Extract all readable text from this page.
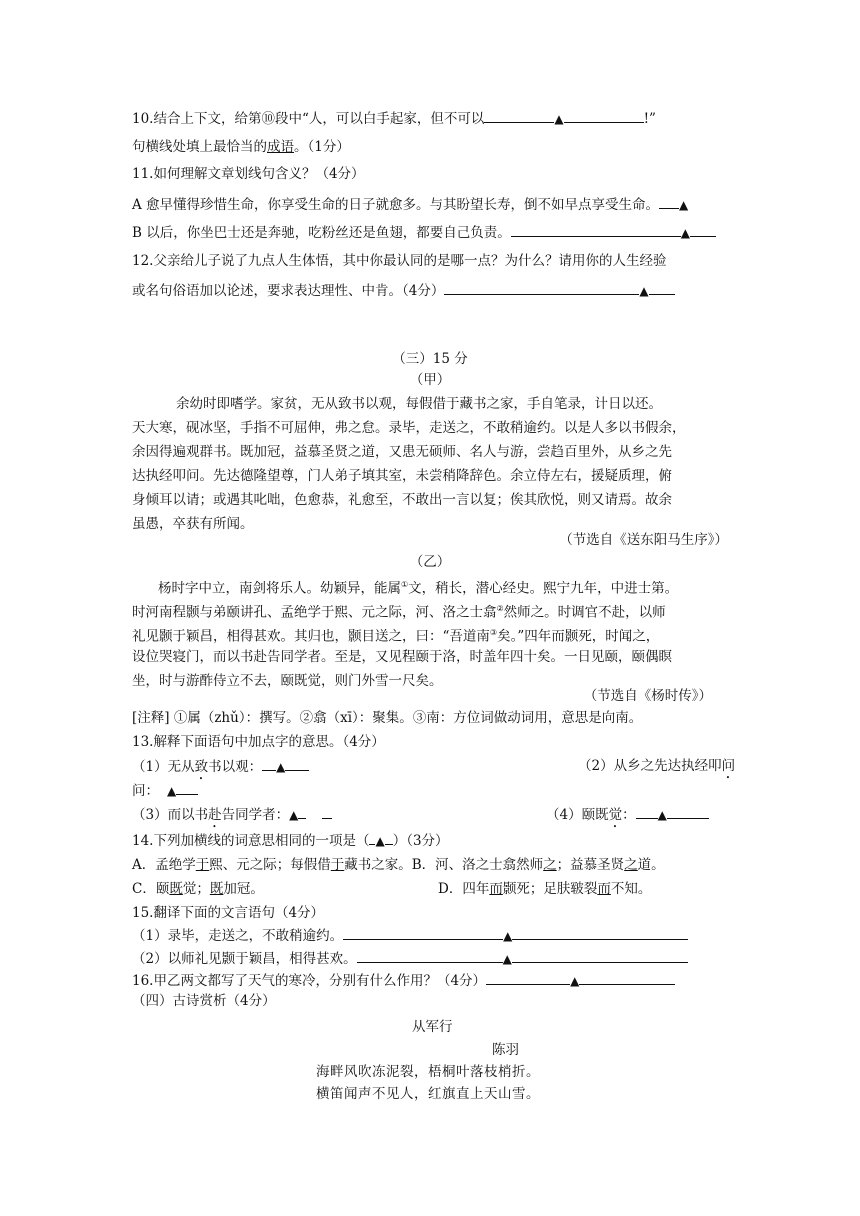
10.结合上下文，给第⑩段中“人，可以白手起家，但不可以	▲	!”
句横线处填上最恰当的成语。（1分）
11.如何理解文章划线句含义？（4分）
A 愈早懂得珍惜生命，你享受生命的日子就愈多。与其盼望长寿，倒不如早点享受生命。 ▲
B 以后，你坐巴士还是奔驰，吃粉丝还是鱼翅，都要自己负责。	▲
12.父亲给儿子说了九点人生体悟，其中你最认同的是哪一点？为什么？请用你的人生经验
或名句俗语加以论述，要求表达理性、中肯。（4分）	▲
（三）15 分
（甲）
余幼时即嗜学。家贫，无从致书以观，每假借于藏书之家，手自笔录，计日以还。
天大寒，砚冰坚，手指不可屈伸，弗之怠。录毕，走送之，不敢稍逾约。以是人多以书假余，
余因得遍观群书。既加冠，益慕圣贤之道，又患无硕师、名人与游，尝趋百里外，从乡之先
达执经叩问。先达德隆望尊，门人弟子填其室，未尝稍降辞色。余立侍左右，援疑质理，俯
身倾耳以请；或遇其叱咄，色愈恭，礼愈至，不敢出一言以复；俟其欣悦，则又请焉。故余
虽愚，卒获有所闻。
（节选自《送东阳马生序》）
（乙）
杨时字中立，南剑将乐人。幼颖异，能属①文，稍长，潜心经史。熙宁九年，中进士第。
时河南程颢与弟颐讲孔、孟绝学于熙、元之际，河、洛之士翕②然师之。时调官不赴，以师
礼见颢于颖昌，相得甚欢。其归也，颢目送之，曰：“吾道南③矣。”四年而颢死，时闻之，
设位哭寝门，而以书赴告同学者。至是，又见程颐于洛，时盖年四十矣。一日见颐，颐偶瞑
坐，时与游酢侍立不去，颐既觉，则门外雪一尺矣。
（节选自《杨时传》）
[注释] ①属（zhǔ）：撰写。②翕（xī）：聚集。③南：方位词做动词用，意思是向南。
13.解释下面语句中加点字的意思。（4分）
（1）无从致书以观： ▲	（2）从乡之先达执经叩问
问： ▲
（3）而以书赴告同学者：▲	（4）颐既觉： ▲
14.下列加横线的词意思相同的一项是（ ▲ ）（3分）
A．孟绝学于熙、元之际；每假借于藏书之家。B．河、洛之士翕然师之；益慕圣贤之道。
C．颐既觉；既加冠。	D．四年而颢死；足肤皲裂而不知。
15.翻译下面的文言语句（4分）
（1）录毕，走送之，不敢稍逾约。	▲
（2）以师礼见颢于颖昌，相得甚欢。	▲
16.甲乙两文都写了天气的寒冷，分别有什么作用？（4分）	▲
（四）古诗赏析（4分）
从军行
陈羽
海畔风吹冻泥裂，梧桐叶落枝梢折。
横笛闻声不见人，红旗直上天山雪。
